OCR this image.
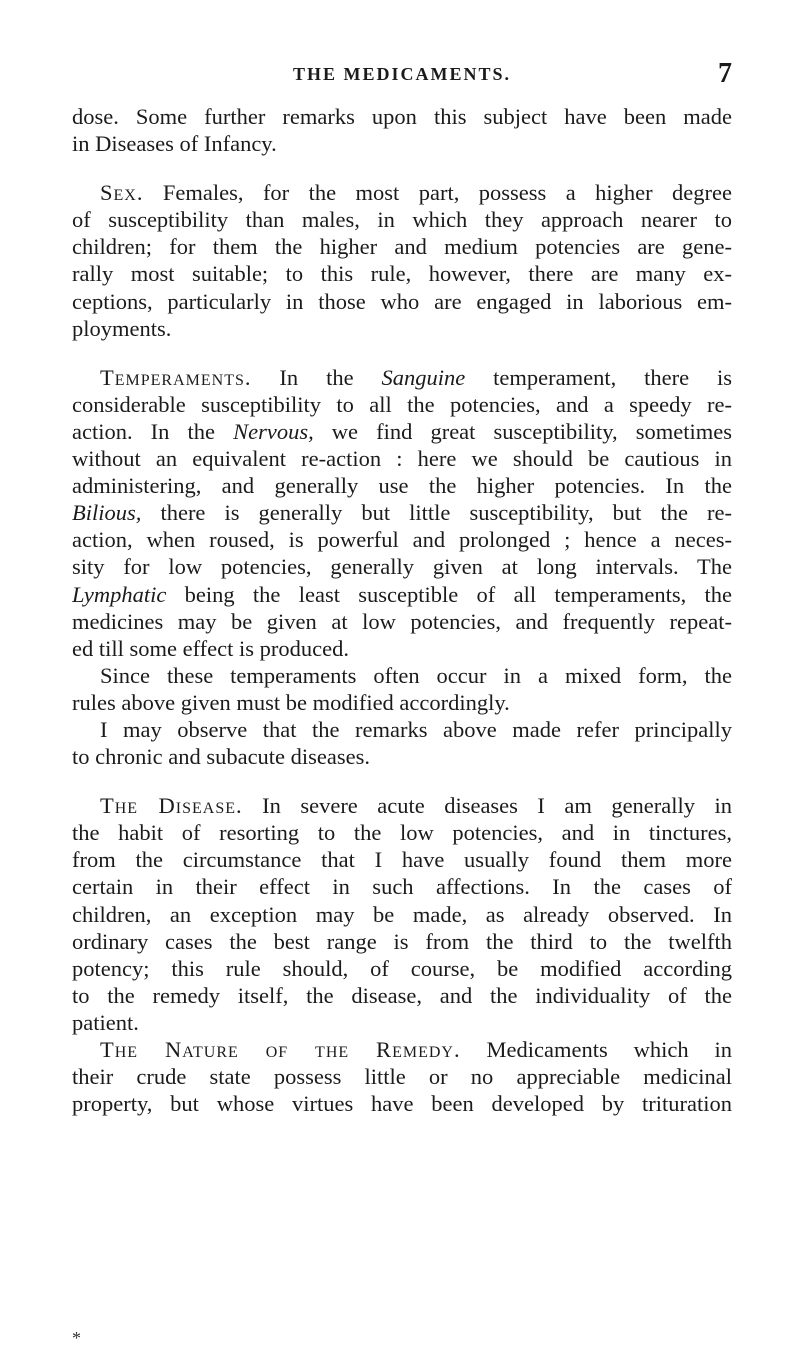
THE MEDICAMENTS.	7
dose. Some further remarks upon this subject have been made
in Diseases of Infancy.
Sex. Females, for the most part, possess a higher degree
of susceptibility than males, in which they approach nearer to
children; for them the higher and medium potencies are gene-
rally most suitable; to this rule, however, there are many ex-
ceptions, particularly in those who are engaged in laborious em-
ployments.
Temperaments. In the Sanguine temperament, there is
considerable susceptibility to all the potencies, and a speedy re-
action. In the Nervous, we find great susceptibility, sometimes
without an equivalent re-action : here we should be cautious in
administering, and generally use the higher potencies. In the
Bilious, there is generally but little susceptibility, but the re-
action, when roused, is powerful and prolonged ; hence a neces-
sity for low potencies, generally given at long intervals. The
Lymphatic being the least susceptible of all temperaments, the
medicines may be given at low potencies, and frequently repeat-
ed till some effect is produced.
Since these temperaments often occur in a mixed form, the
rules above given must be modified accordingly.
I may observe that the remarks above made refer principally
to chronic and subacute diseases.
The Disease. In severe acute diseases I am generally in
the habit of resorting to the low potencies, and in tinctures,
from the circumstance that I have usually found them more
certain in their effect in such affections. In the cases of
children, an exception may be made, as already observed. In
ordinary cases the best range is from the third to the twelfth
potency; this rule should, of course, be modified according
to the remedy itself, the disease, and the individuality of the
patient.
The Nature of the Remedy. Medicaments which in
their crude state possess little or no appreciable medicinal
property, but whose virtues have been developed by trituration
*
